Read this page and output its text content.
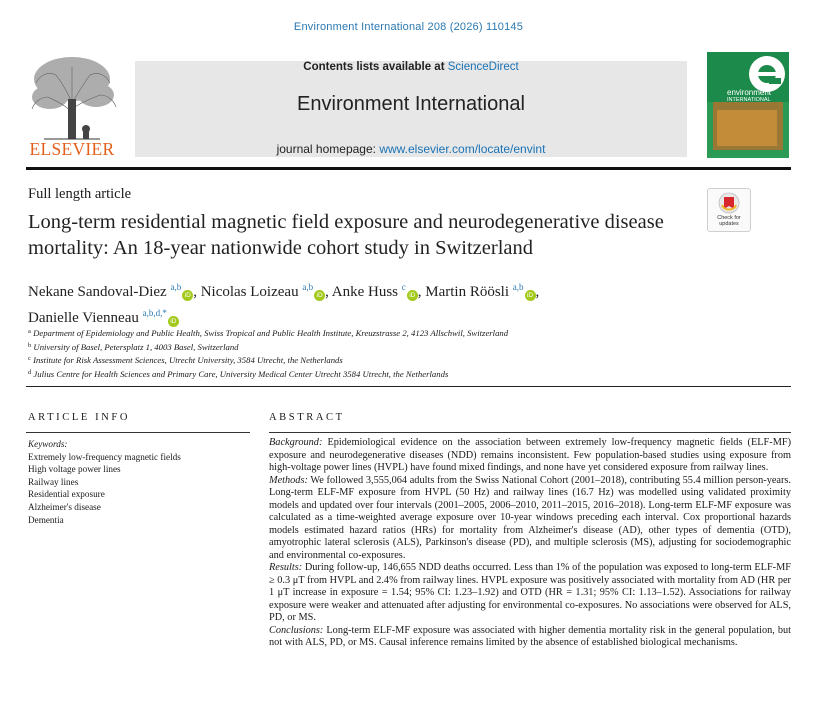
Environment International 208 (2026) 110145
ELSEVIER
Contents lists available at ScienceDirect
Environment International
journal homepage: www.elsevier.com/locate/envint
environment
INTERNATIONAL
Full length article
Long-term residential magnetic field exposure and neurodegenerative disease mortality: An 18-year nationwide cohort study in Switzerland
Check for updates
Nekane Sandoval-Diez $^{a,b}$iD , Nicolas Loizeau $^{a,b}$iD , Anke Huss $^c$iD , Martin Röösli $^{a,b}$iD ,
Danielle Vienneau $^{a,b,d,*}$iD
$^a$ Department of Epidemiology and Public Health, Swiss Tropical and Public Health Institute, Kreuzstrasse 2, 4123 Allschwil, Switzerland
$^b$ University of Basel, Petersplatz 1, 4003 Basel, Switzerland
$^c$ Institute for Risk Assessment Sciences, Utrecht University, 3584 Utrecht, the Netherlands
$^d$ Julius Centre for Health Sciences and Primary Care, University Medical Center Utrecht 3584 Utrecht, the Netherlands
ARTICLE INFO	ABSTRACT
Keywords:
Extremely low-frequency magnetic fields
High voltage power lines
Railway lines
Residential exposure
Alzheimer's disease
Dementia

Background: Epidemiological evidence on the association between extremely low-frequency magnetic fields (ELF-MF) exposure and neurodegenerative diseases (NDD) remains inconsistent. Few population-based studies using exposure from high-voltage power lines (HVPL) have found mixed findings, and none have yet considered exposure from railway lines.

Methods: We followed 3,555,064 adults from the Swiss National Cohort (2001–2018), contributing 55.4 million person-years. Long-term ELF-MF exposure from HVPL (50 Hz) and railway lines (16.7 Hz) was modelled using validated proximity models and updated over four intervals (2001–2005, 2006–2010, 2011–2015, 2016–2018). Long-term ELF-MF exposure was calculated as a time-weighted average exposure over 10-year windows preceding each interval. Cox proportional hazards models estimated hazard ratios (HRs) for mortality from Alzheimer's disease (AD), other types of dementia (OTD), amyotrophic lateral sclerosis (ALS), Parkinson's disease (PD), and multiple sclerosis (MS), adjusting for sociodemographic and environmental co-exposures.

Results: During follow-up, 146,655 NDD deaths occurred. Less than 1% of the population was exposed to long-term ELF-MF ≥ 0.3 μT from HVPL and 2.4% from railway lines. HVPL exposure was positively associated with mortality from AD (HR per 1 μT increase in exposure = 1.54; 95% CI: 1.23–1.92) and OTD (HR = 1.31; 95% CI: 1.13–1.52). Associations for railway exposure were weaker and attenuated after adjusting for environmental co-exposures. No associations were observed for ALS, PD, or MS.

Conclusions: Long-term ELF-MF exposure was associated with higher dementia mortality risk in the general population, but not with ALS, PD, or MS. Causal inference remains limited by the absence of established biological mechanisms.
